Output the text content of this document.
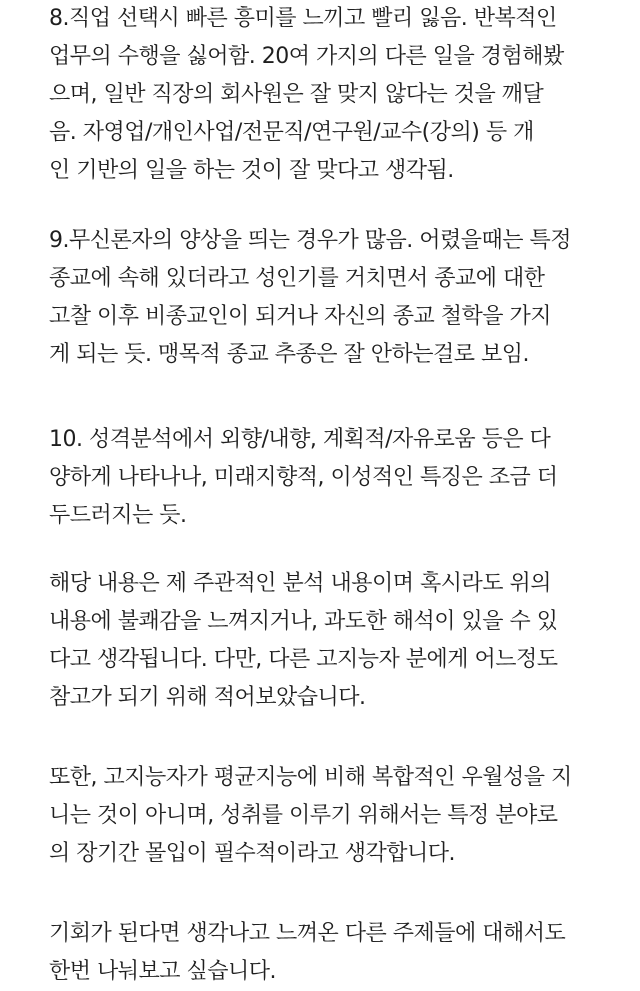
8.직업 선택시 빠른 흥미를 느끼고 빨리 잃음. 반복적인
업무의 수행을 싫어함. 20여 가지의 다른 일을 경험해봤
으며, 일반 직장의 회사원은 잘 맞지 않다는 것을 깨달
음. 자영업/개인사업/전문직/연구원/교수(강의) 등 개
인 기반의 일을 하는 것이 잘 맞다고 생각됨.
9.무신론자의 양상을 띄는 경우가 많음. 어렸을때는 특정
종교에 속해 있더라고 성인기를 거치면서 종교에 대한
고찰 이후 비종교인이 되거나 자신의 종교 철학을 가지
게 되는 듯. 맹목적 종교 추종은 잘 안하는걸로 보임.
10. 성격분석에서 외향/내향, 계획적/자유로움 등은 다
양하게 나타나나, 미래지향적, 이성적인 특징은 조금 더
두드러지는 듯.
해당 내용은 제 주관적인 분석 내용이며 혹시라도 위의
내용에 불쾌감을 느껴지거나, 과도한 해석이 있을 수 있
다고 생각됩니다. 다만, 다른 고지능자 분에게 어느정도
참고가 되기 위해 적어보았습니다.
또한, 고지능자가 평균지능에 비해 복합적인 우월성을 지
니는 것이 아니며, 성취를 이루기 위해서는 특정 분야로
의 장기간 몰입이 필수적이라고 생각합니다.
기회가 된다면 생각나고 느껴온 다른 주제들에 대해서도
한번 나눠보고 싶습니다.
